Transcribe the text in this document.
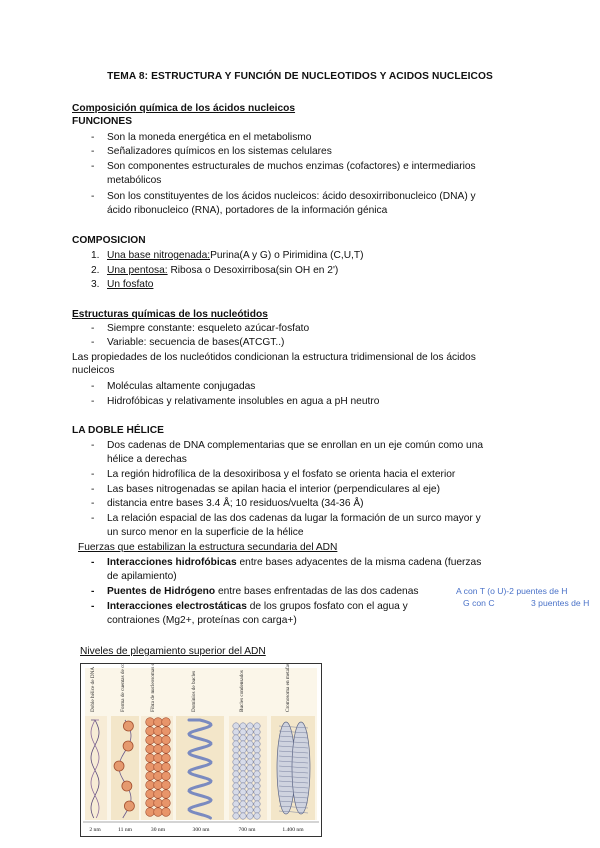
TEMA 8: ESTRUCTURA Y FUNCIÓN DE NUCLEOTIDOS Y ACIDOS NUCLEICOS
Composición química de los ácidos nucleicos
FUNCIONES
- Son la moneda energética en el metabolismo
- Señalizadores químicos en los sistemas celulares
- Son componentes estructurales de muchos enzimas (cofactores) e intermediarios
metabólicos
- Son los constituyentes de los ácidos nucleicos: ácido desoxirribonucleico (DNA) y
ácido ribonucleico (RNA), portadores de la información génica
COMPOSICION
1. Una base nitrogenada:Purina(A y G) o Pirimidina (C,U,T)
2. Una pentosa: Ribosa o Desoxirribosa(sin OH en 2')
3. Un fosfato
Estructuras químicas de los nucleótidos
- Siempre constante: esqueleto azúcar-fosfato
- Variable: secuencia de bases(ATCGT..)
Las propiedades de los nucleótidos condicionan la estructura tridimensional de los ácidos
nucleicos
- Moléculas altamente conjugadas
- Hidrofóbicas y relativamente insolubles en agua a pH neutro
LA DOBLE HÉLICE
- Dos cadenas de DNA complementarias que se enrollan en un eje común como una
hélice a derechas
- La región hidrofílica de la desoxiribosa y el fosfato se orienta hacia el exterior
- Las bases nitrogenadas se apilan hacia el interior (perpendiculares al eje)
- distancia entre bases 3.4 Å; 10 residuos/vuelta (34-36 Å)
- La relación espacial de las dos cadenas da lugar la formación de un surco mayor y
un surco menor en la superficie de la hélice
Fuerzas que estabilizan la estructura secundaria del ADN
- Interacciones hidrofóbicas entre bases adyacentes de la misma cadena (fuerzas
de apilamiento)
- Puentes de Hidrógeno entre bases enfrentadas de las dos cadenas
- Interacciones electrostáticas de los grupos fosfato con el agua y
contraiones (Mg2+, proteínas con carga+)
A con T (o U)-2 puentes de H
G con C	3 puentes de H
Niveles de plegamiento superior del ADN
Doble hélice de DNA	Forma de cuentas de collar de la cromatina	Fibra de nucleosomas empaquetados	Dominios de bucles	Bucles condensados	Cromosoma en metafase
2 nm	11 nm	30 nm	300 nm	700 nm	1.400 nm
